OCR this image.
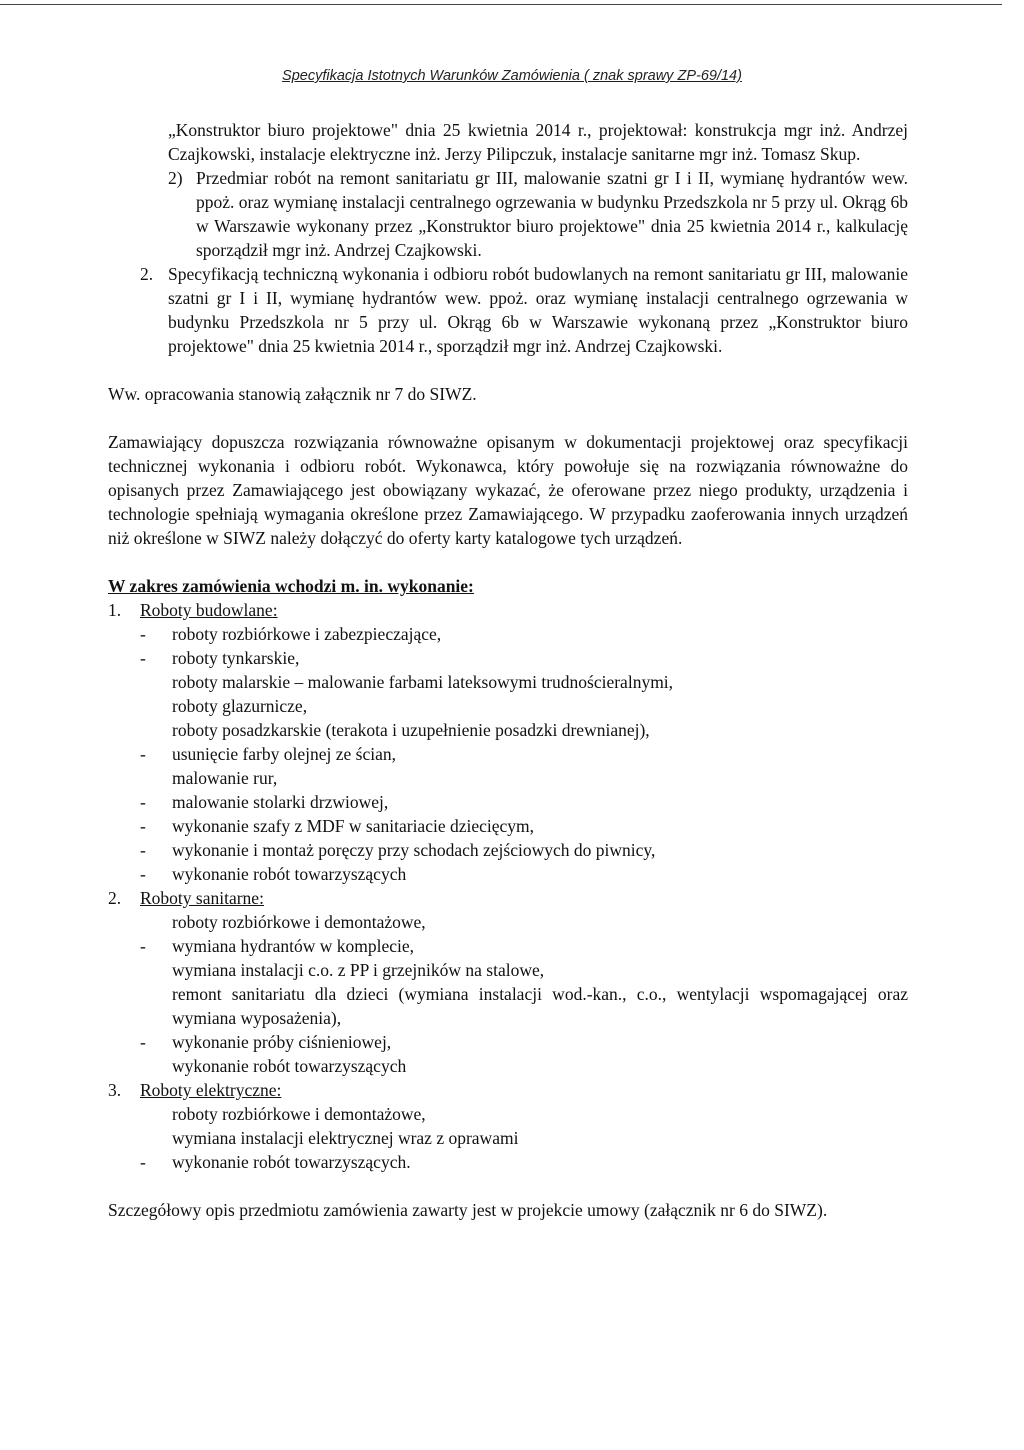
Specyfikacja Istotnych Warunków Zamówienia ( znak sprawy ZP-69/14)

„Konstruktor biuro projektowe" dnia 25 kwietnia 2014 r., projektował: konstrukcja mgr inż. Andrzej Czajkowski, instalacje elektryczne inż. Jerzy Pilipczuk, instalacje sanitarne mgr inż. Tomasz Skup.

2) Przedmiar robót na remont sanitariatu gr III, malowanie szatni gr I i II, wymianę hydrantów wew. ppoż. oraz wymianę instalacji centralnego ogrzewania w budynku Przedszkola nr 5 przy ul. Okrąg 6b w Warszawie wykonany przez „Konstruktor biuro projektowe" dnia 25 kwietnia 2014 r., kalkulację sporządził mgr inż. Andrzej Czajkowski.
2. Specyfikacją techniczną wykonania i odbioru robót budowlanych na remont sanitariatu gr III, malowanie szatni gr I i II, wymianę hydrantów wew. ppoż. oraz wymianę instalacji centralnego ogrzewania w budynku Przedszkola nr 5 przy ul. Okrąg 6b w Warszawie wykonaną przez „Konstruktor biuro projektowe" dnia 25 kwietnia 2014 r., sporządził mgr inż. Andrzej Czajkowski.

Ww. opracowania stanowią załącznik nr 7 do SIWZ.

Zamawiający dopuszcza rozwiązania równoważne opisanym w dokumentacji projektowej oraz specyfikacji technicznej wykonania i odbioru robót. Wykonawca, który powołuje się na rozwiązania równoważne do opisanych przez Zamawiającego jest obowiązany wykazać, że oferowane przez niego produkty, urządzenia i technologie spełniają wymagania określone przez Zamawiającego. W przypadku zaoferowania innych urządzeń niż określone w SIWZ należy dołączyć do oferty karty katalogowe tych urządzeń.

W zakres zamówienia wchodzi m. in. wykonanie:

1.	Roboty budowlane:
-	roboty rozbiórkowe i zabezpieczające,
-	roboty tynkarskie,
roboty malarskie – malowanie farbami lateksowymi trudnościeralnymi,
roboty glazurnicze,
roboty posadzkarskie (terakota i uzupełnienie posadzki drewnianej),
-	usunięcie farby olejnej ze ścian,
malowanie rur,
-	malowanie stolarki drzwiowej,
-	wykonanie szafy z MDF w sanitariacie dziecięcym,
-	wykonanie i montaż poręczy przy schodach zejściowych do piwnicy,
-	wykonanie robót towarzyszących
2.	Roboty sanitarne:
roboty rozbiórkowe i demontażowe,
-	wymiana hydrantów w komplecie,
wymiana instalacji c.o. z PP i grzejników na stalowe,
remont sanitariatu dla dzieci (wymiana instalacji wod.-kan., c.o., wentylacji wspomagającej oraz wymiana wyposażenia),
-	wykonanie próby ciśnieniowej,
wykonanie robót towarzyszących
3.	Roboty elektryczne:
roboty rozbiórkowe i demontażowe,
wymiana instalacji elektrycznej wraz z oprawami
-	wykonanie robót towarzyszących.

Szczegółowy opis przedmiotu zamówienia zawarty jest w projekcie umowy (załącznik nr 6 do SIWZ).
